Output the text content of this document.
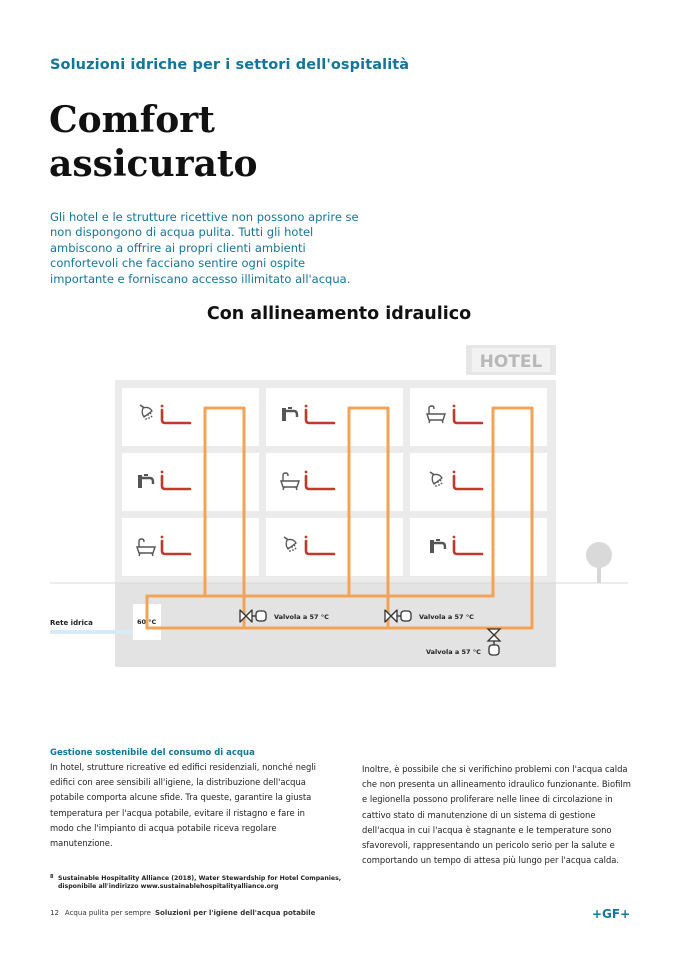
Soluzioni idriche per i settori dell'ospitalità
Comfort
assicurato
Gli hotel e le strutture ricettive non possono aprire se non dispongono di acqua pulita. Tutti gli hotel ambiscono a offrire ai propri clienti ambienti confortevoli che facciano sentire ogni ospite importante e forniscano accesso illimitato all'acqua.
Con allineamento idraulico
HOTEL
Rete idrica	60 °C
Valvola a 57 °C	Valvola a 57 °C
Valvola a 57 °C
Gestione sostenibile del consumo di acqua
In hotel, strutture ricreative ed edifici residenziali, nonché negli edifici con aree sensibili all'igiene, la distribuzione dell'acqua potabile comporta alcune sfide. Tra queste, garantire la giusta temperatura per l'acqua potabile, evitare il ristagno e fare in modo che l'impianto di acqua potabile riceva regolare manutenzione.
Inoltre, è possibile che si verifichino problemi con l'acqua calda che non presenta un allineamento idraulico funzionante. Biofilm e legionella possono proliferare nelle linee di circolazione in cattivo stato di manutenzione di un sistema di gestione dell'acqua in cui l'acqua è stagnante e le temperature sono sfavorevoli, rappresentando un pericolo serio per la salute e comportando un tempo di attesa più lungo per l'acqua calda.
8 Sustainable Hospitality Alliance (2018), Water Stewardship for Hotel Companies, disponibile all'indirizzo www.sustainablehospitalityalliance.org
12 Acqua pulita per sempre Soluzioni per l'igiene dell'acqua potabile	+GF+
